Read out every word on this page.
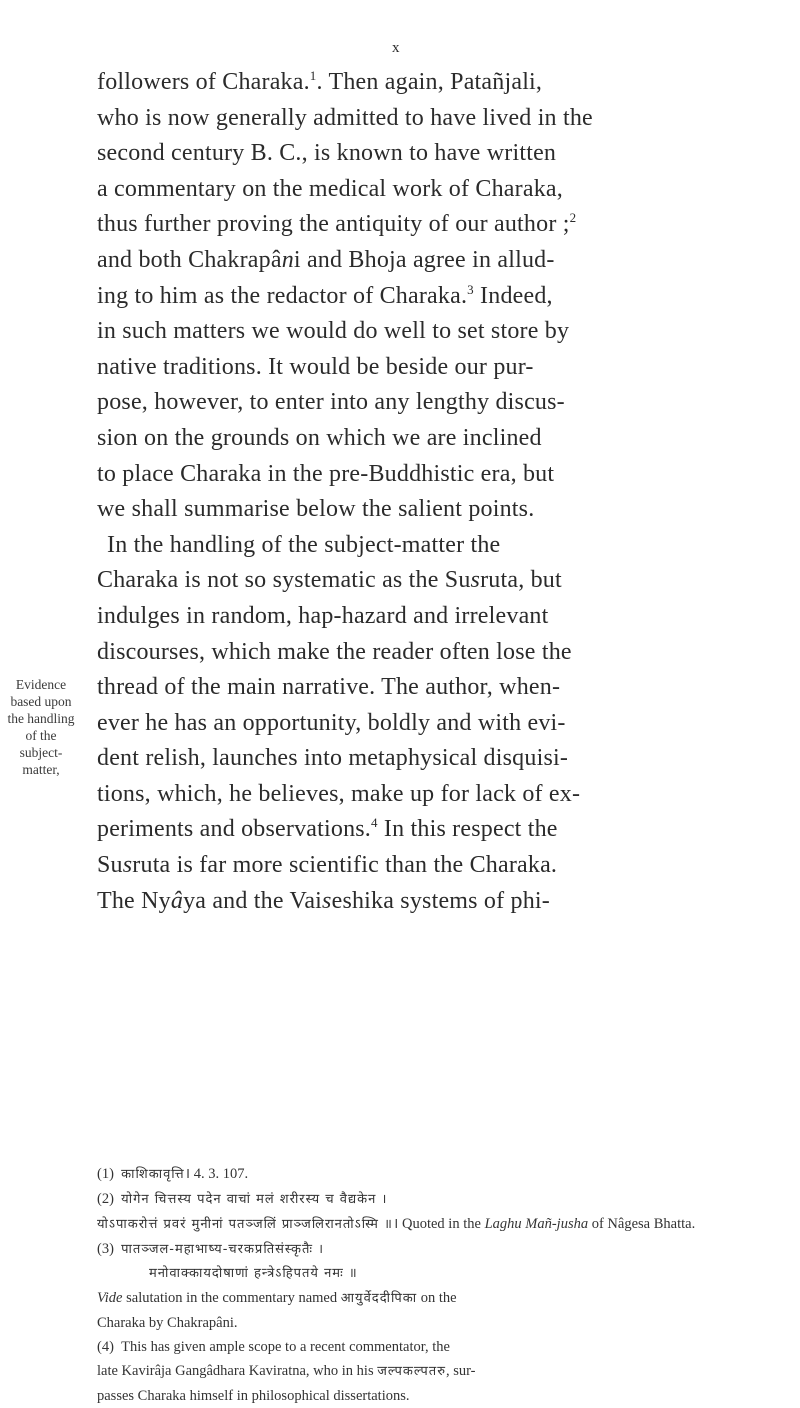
x
Evidence
based upon
the handling
of the subject-
matter,
followers of Charaka.$^1$. Then again, Patañjali,
who is now generally admitted to have lived in the
second century B. C., is known to have written
a commentary on the medical work of Charaka,
thus further proving the antiquity of our author ;$^2$
and both Chakrapâni and Bhoja agree in allud-
ing to him as the redactor of Charaka.$^3$ Indeed,
in such matters we would do well to set store by
native traditions. It would be beside our pur-
pose, however, to enter into any lengthy discus-
sion on the grounds on which we are inclined
to place Charaka in the pre-Buddhistic era, but
we shall summarise below the salient points.
In the handling of the subject-matter the
Charaka is not so systematic as the Susruta, but
indulges in random, hap-hazard and irrelevant
discourses, which make the reader often lose the
thread of the main narrative. The author, when-
ever he has an opportunity, boldly and with evi-
dent relish, launches into metaphysical disquisi-
tions, which, he believes, make up for lack of ex-
periments and observations.$^4$ In this respect the
Susruta is far more scientific than the Charaka.
The Nyâya and the Vaiseshika systems of phi-
(1) काशिकावृत्ति। 4. 3. 107.
(2) योगेन चित्तस्य पदेन वाचां मलं शरीरस्य च वैद्यकेन ।
योऽपाकरोत्तं प्रवरं मुनीनां पतञ्जलिं प्राञ्जलिरानतोऽस्मि ॥। Quoted in the Laghu Mañ-jusha of Nâgesa Bhatta.
(3) पातञ्जल-महाभाष्य-चरकप्रतिसंस्कृतैः ।
मनोवाक्कायदोषाणां हन्त्रेऽहिपतये नमः ॥
Vide salutation in the commentary named आयुर्वेददीपिका on the
Charaka by Chakrapâni.
(4) This has given ample scope to a recent commentator, the
late Kavirâja Gangâdhara Kaviratna, who in his जल्पकल्पतरु, sur-
passes Charaka himself in philosophical dissertations.
